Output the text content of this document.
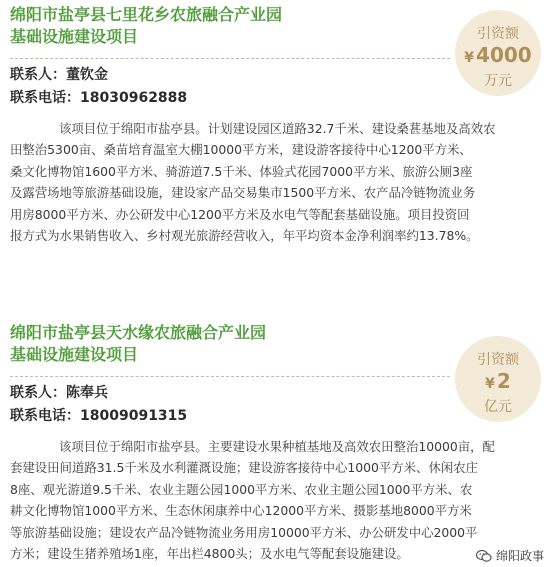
绵阳市盐亭县七里花乡农旅融合产业园
基础设施建设项目	引资额
¥ 4000
万元
联系人：董钦金
联系电话：18030962888
该项目位于绵阳市盐亭县。计划建设园区道路32.7千米、建设桑葚基地及高效农
田整治5300亩、桑苗培育温室大棚10000平方米，建设游客接待中心1200平方米、
桑文化博物馆1600平方米、骑游道7.5千米、体验式花园7000平方米、旅游公厕3座
及露营场地等旅游基础设施，建设家产品交易集市1500平方米、农产品冷链物流业务
用房8000平方米、办公研发中心1200平方米及水电气等配套基础设施。项目投资回
报方式为水果销售收入、乡村观光旅游经营收入，年平均资本金净利润率约13.78%。
绵阳市盐亭县天水缘农旅融合产业园
基础设施建设项目	引资额
¥ 2
亿元
联系人：陈奉兵
联系电话：18009091315
该项目位于绵阳市盐亭县。主要建设水果种植基地及高效农田整治10000亩，配
套建设田间道路31.5千米及水利灌溉设施；建设游客接待中心1000平方米、休闲农庄
8座、观光游道9.5千米、农业主题公园1000平方米、农业主题公园1000平方米、农
耕文化博物馆1000平方米、生态休闲康养中心12000平方米、摄影基地8000平方米
等旅游基础设施；建设农产品冷链物流业务用房10000平方米、办公研发中心2000平
方米；建设生猪养殖场1座，年出栏4800头；及水电气等配套设施建设。	绵阳政事
